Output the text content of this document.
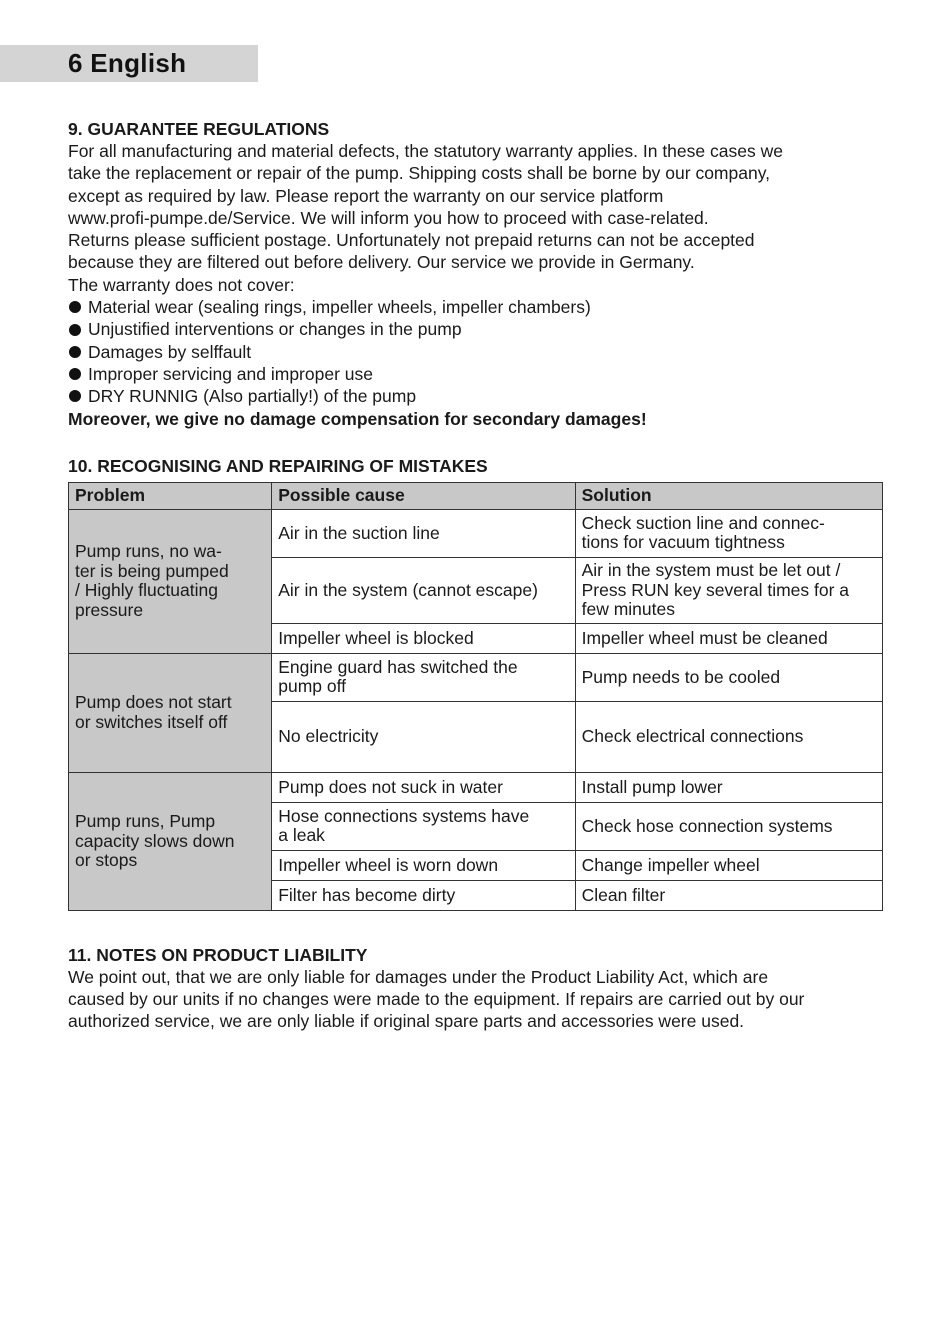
6 English
9. GUARANTEE REGULATIONS
For all manufacturing and material defects, the statutory warranty applies. In these cases we
take the replacement or repair of the pump. Shipping costs shall be borne by our company,
except as required by law. Please report the warranty on our service platform
www.profi-pumpe.de/Service. We will inform you how to proceed with case-related.
Returns please sufficient postage. Unfortunately not prepaid returns can not be accepted
because they are filtered out before delivery. Our service we provide in Germany.
The warranty does not cover:
Material wear (sealing rings, impeller wheels, impeller chambers)
Unjustified interventions or changes in the pump
Damages by selffault
Improper servicing and improper use
DRY RUNNIG (Also partially!) of the pump
Moreover, we give no damage compensation for secondary damages!
10. RECOGNISING AND REPAIRING OF MISTAKES
Problem	Possible cause	Solution
Pump runs, no wa-
ter is being pumped
/ Highly fluctuating
pressure	Air in the suction line	Check suction line and connec-
tions for vacuum tightness
	Air in the system (cannot escape)	Air in the system must be let out /
Press RUN key several times for a
few minutes
	Impeller wheel is blocked	Impeller wheel must be cleaned
Pump does not start
or switches itself off	Engine guard has switched the
pump off	Pump needs to be cooled
	No electricity	Check electrical connections
Pump runs, Pump
capacity slows down
or stops	Pump does not suck in water	Install pump lower
	Hose connections systems have
a leak	Check hose connection systems
	Impeller wheel is worn down	Change impeller wheel
	Filter has become dirty	Clean filter
11. NOTES ON PRODUCT LIABILITY
We point out, that we are only liable for damages under the Product Liability Act, which are
caused by our units if no changes were made to the equipment. If repairs are carried out by our
authorized service, we are only liable if original spare parts and accessories were used.
